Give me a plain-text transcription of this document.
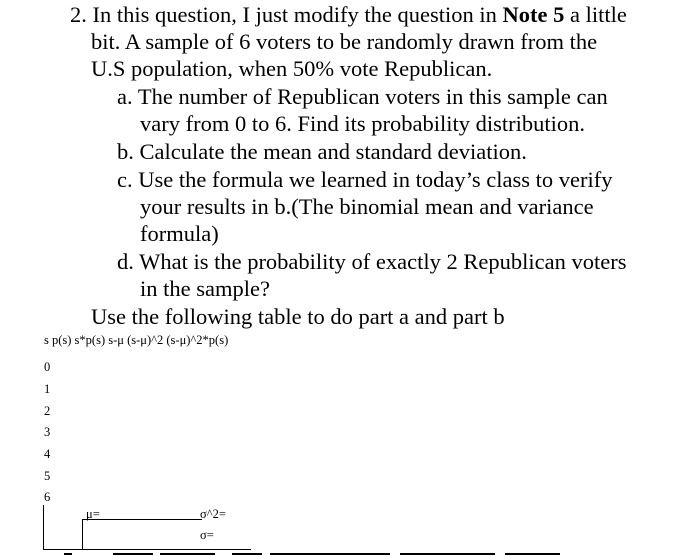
2. In this question, I just modify the question in Note 5 a little
bit. A sample of 6 voters to be randomly drawn from the
U.S population, when 50% vote Republican.
a. The number of Republican voters in this sample can
vary from 0 to 6. Find its probability distribution.
b. Calculate the mean and standard deviation.
c. Use the formula we learned in today’s class to verify
your results in b.(The binomial mean and variance
formula)
d. What is the probability of exactly 2 Republican voters
in the sample?
Use the following table to do part a and part b
s p(s) s*p(s) s-μ (s-μ)^2 (s-μ)^2*p(s)
0
1
2
3
4
5
6
μ=	σ^2=
σ=
